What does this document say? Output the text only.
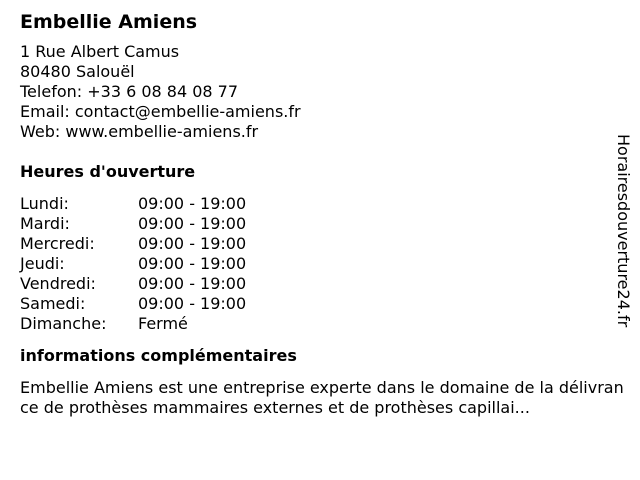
Embellie Amiens
1 Rue Albert Camus
80480 Salouël
Telefon: +33 6 08 84 08 77
Email: contact@embellie-amiens.fr
Web: www.embellie-amiens.fr
Heures d'ouverture
Lundi:	09:00 - 19:00
Mardi:	09:00 - 19:00
Mercredi:	09:00 - 19:00
Jeudi:	09:00 - 19:00
Vendredi:	09:00 - 19:00
Samedi:	09:00 - 19:00
Dimanche:	Fermé
informations complémentaires
Embellie Amiens est une entreprise experte dans le domaine de la délivrance de prothèses mammaires externes et de prothèses capillai...
Horairesdouverture24.fr
